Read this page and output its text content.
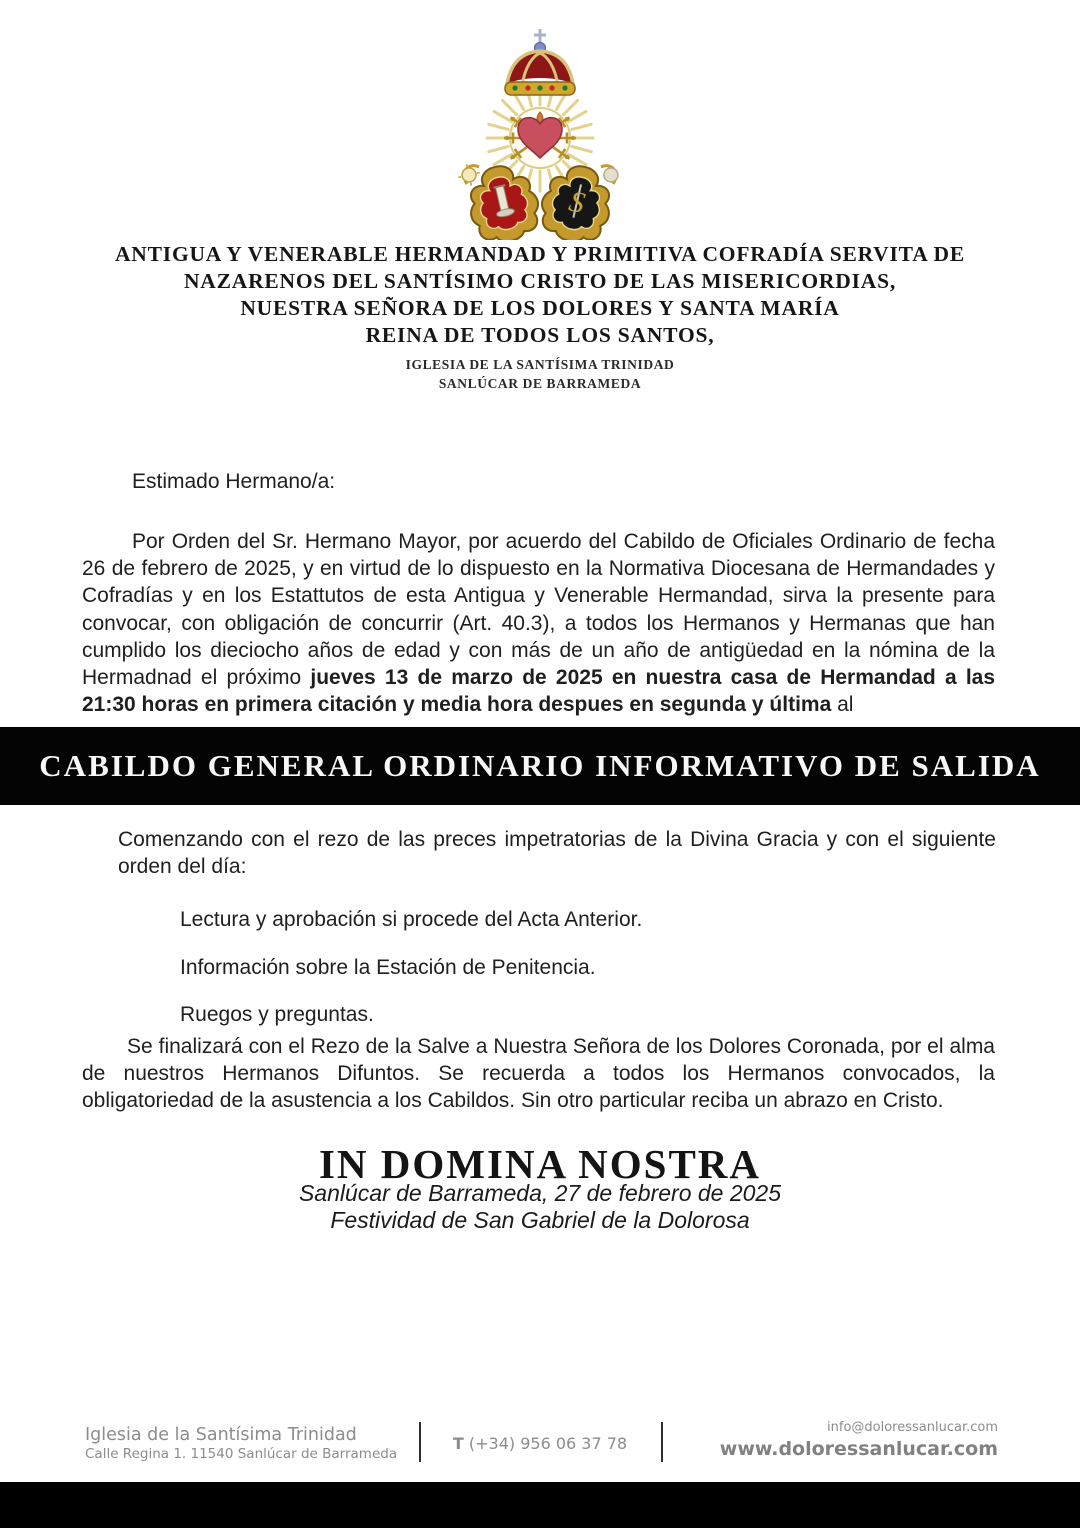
S
ANTIGUA Y VENERABLE HERMANDAD Y PRIMITIVA COFRADÍA SERVITA DE
NAZARENOS DEL SANTÍSIMO CRISTO DE LAS MISERICORDIAS,
NUESTRA SEÑORA DE LOS DOLORES Y SANTA MARÍA
REINA DE TODOS LOS SANTOS,
IGLESIA DE LA SANTÍSIMA TRINIDAD
SANLÚCAR DE BARRAMEDA
Estimado Hermano/a:
Por Orden del Sr. Hermano Mayor, por acuerdo del Cabildo de Oficiales Ordinario de fecha 26 de febrero de 2025, y en virtud de lo dispuesto en la Normativa Diocesana de Hermandades y Cofradías y en los Estattutos de esta Antigua y Venerable Hermandad, sirva la presente para convocar, con obligación de concurrir (Art. 40.3), a todos los Hermanos y Hermanas que han cumplido los dieciocho años de edad y con más de un año de antigüedad en la nómina de la Hermadnad el próximo jueves 13 de marzo de 2025 en nuestra casa de Hermandad a las 21:30 horas en primera citación y media hora despues en segunda y última al
CABILDO GENERAL ORDINARIO INFORMATIVO DE SALIDA
Comenzando con el rezo de las preces impetratorias de la Divina Gracia y con el siguiente orden del día:
Lectura y aprobación si procede del Acta Anterior.
Información sobre la Estación de Penitencia.
Ruegos y preguntas.
Se finalizará con el Rezo de la Salve a Nuestra Señora de los Dolores Coronada, por el alma de nuestros Hermanos Difuntos. Se recuerda a todos los Hermanos convocados, la obligatoriedad de la asustencia a los Cabildos. Sin otro particular reciba un abrazo en Cristo.
IN DOMINA NOSTRA
Sanlúcar de Barrameda, 27 de febrero de 2025
Festividad de San Gabriel de la Dolorosa
Iglesia de la Santísima Trinidad
Calle Regina 1. 11540 Sanlúcar de Barrameda
T (+34) 956 06 37 78
info@doloressanlucar.com
www.doloressanlucar.com
